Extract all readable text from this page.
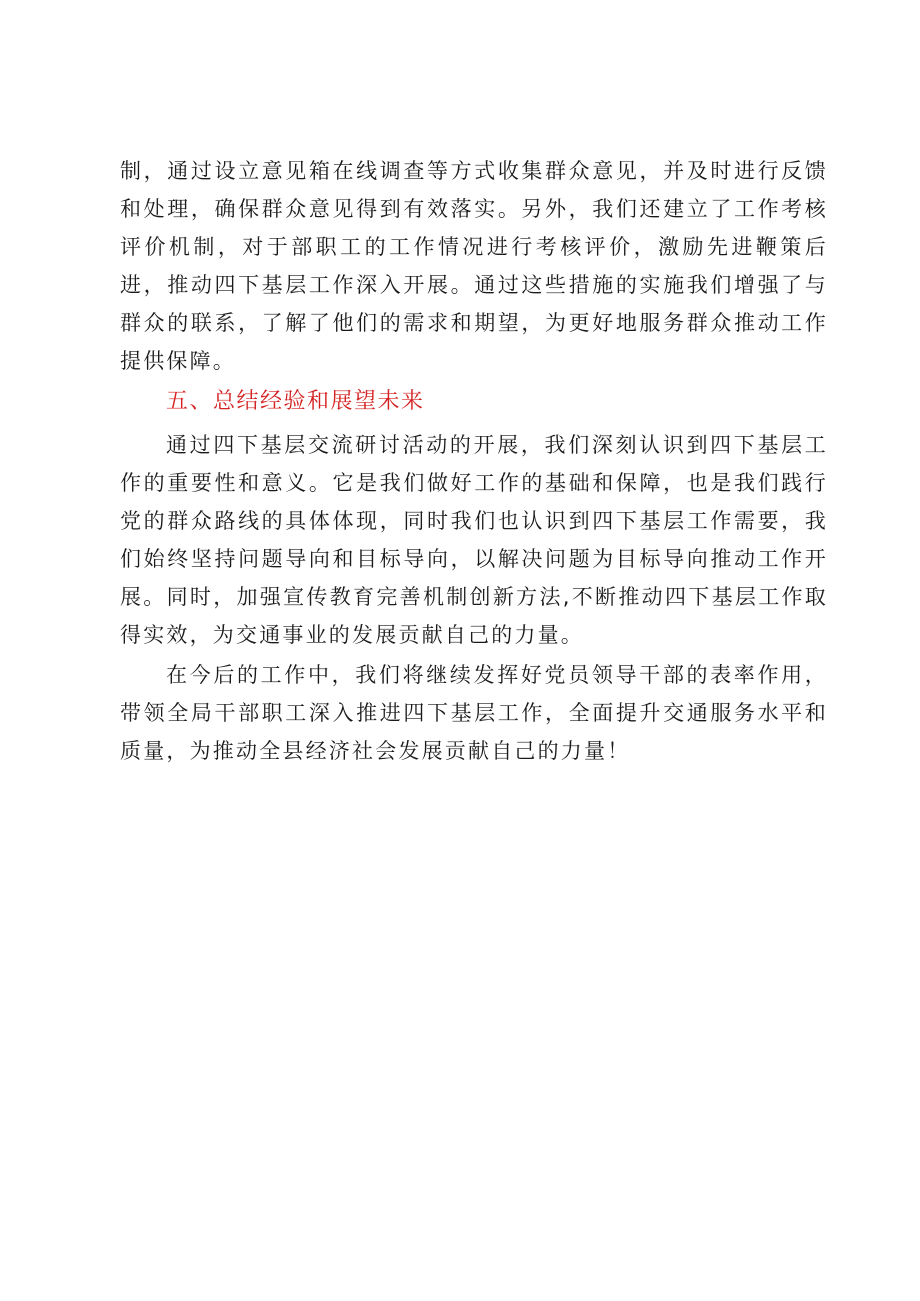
制，通过设立意见箱在线调查等方式收集群众意见，并及时进行反馈和处理，确保群众意见得到有效落实。另外，我们还建立了工作考核评价机制，对于部职工的工作情况进行考核评价，激励先进鞭策后进，推动四下基层工作深入开展。通过这些措施的实施我们增强了与群众的联系，了解了他们的需求和期望，为更好地服务群众推动工作提供保障。

五、总结经验和展望未来

通过四下基层交流研讨活动的开展，我们深刻认识到四下基层工作的重要性和意义。它是我们做好工作的基础和保障，也是我们践行党的群众路线的具体体现，同时我们也认识到四下基层工作需要，我们始终坚持问题导向和目标导向，以解决问题为目标导向推动工作开展。同时，加强宣传教育完善机制创新方法,不断推动四下基层工作取得实效，为交通事业的发展贡献自己的力量。

在今后的工作中，我们将继续发挥好党员领导干部的表率作用，带领全局干部职工深入推进四下基层工作，全面提升交通服务水平和质量，为推动全县经济社会发展贡献自己的力量！
